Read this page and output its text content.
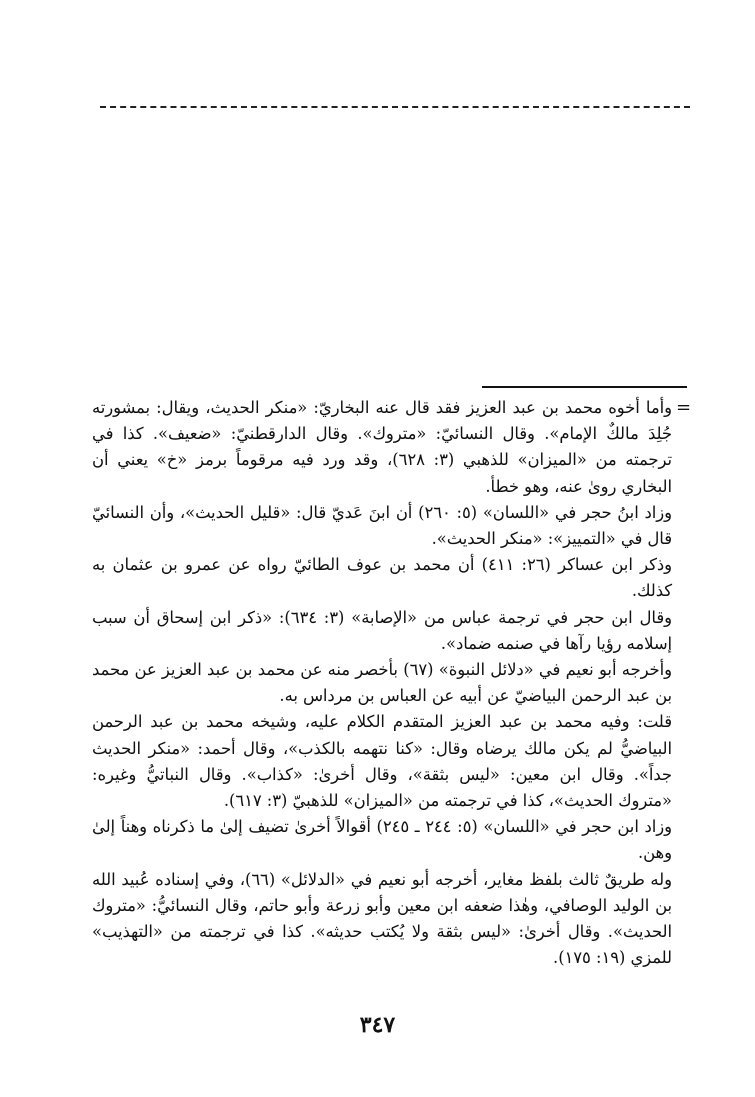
=

وأما أخوه محمد بن عبد العزيز فقد قال عنه البخاريّ: «منكر الحديث، ويقال: بمشورته جُلِدَ مالكٌ الإمام». وقال النسائيّ: «متروك». وقال الدارقطنيّ: «ضعيف». كذا في ترجمته من «الميزان» للذهبي (٣: ٦٢٨)، وقد ورد فيه مرقوماً برمز «خ» يعني أن البخاري روىٰ عنه، وهو خطأ.

وزاد ابنُ حجر في «اللسان» (٥: ٢٦٠) أن ابنَ عَديّ قال: «قليل الحديث»، وأن النسائيّ قال في «التمييز»: «منكر الحديث».

وذكر ابن عساكر (٢٦: ٤١١) أن محمد بن عوف الطائيّ رواه عن عمرو بن عثمان به كذلك.

وقال ابن حجر في ترجمة عباس من «الإصابة» (٣: ٦٣٤): «ذكر ابن إسحاق أن سبب إسلامه رؤيا رآها في صنمه ضماد».

وأخرجه أبو نعيم في «دلائل النبوة» (٦٧) بأخصر منه عن محمد بن عبد العزيز عن محمد بن عبد الرحمن البياضيّ عن أبيه عن العباس بن مرداس به.

قلت: وفيه محمد بن عبد العزيز المتقدم الكلام عليه، وشيخه محمد بن عبد الرحمن البياضيُّ لم يكن مالك يرضاه وقال: «كنا نتهمه بالكذب»، وقال أحمد: «منكر الحديث جداً». وقال ابن معين: «ليس بثقة»، وقال أخرىٰ: «كذاب». وقال النباتيُّ وغيره: «متروك الحديث»، كذا في ترجمته من «الميزان» للذهبيّ (٣: ٦١٧).

وزاد ابن حجر في «اللسان» (٥: ٢٤٤ ـ ٢٤٥) أقوالاً أخرىٰ تضيف إلىٰ ما ذكرناه وهناً إلىٰ وهن.

وله طريقٌ ثالث بلفظ مغاير، أخرجه أبو نعيم في «الدلائل» (٦٦)، وفي إسناده عُبيد الله بن الوليد الوصافي، وهٰذا ضعفه ابن معين وأبو زرعة وأبو حاتم، وقال النسائيُّ: «متروك الحديث». وقال أخرىٰ: «ليس بثقة ولا يُكتب حديثه». كذا في ترجمته من «التهذيب» للمزي (١٩: ١٧٥).

٣٤٧
